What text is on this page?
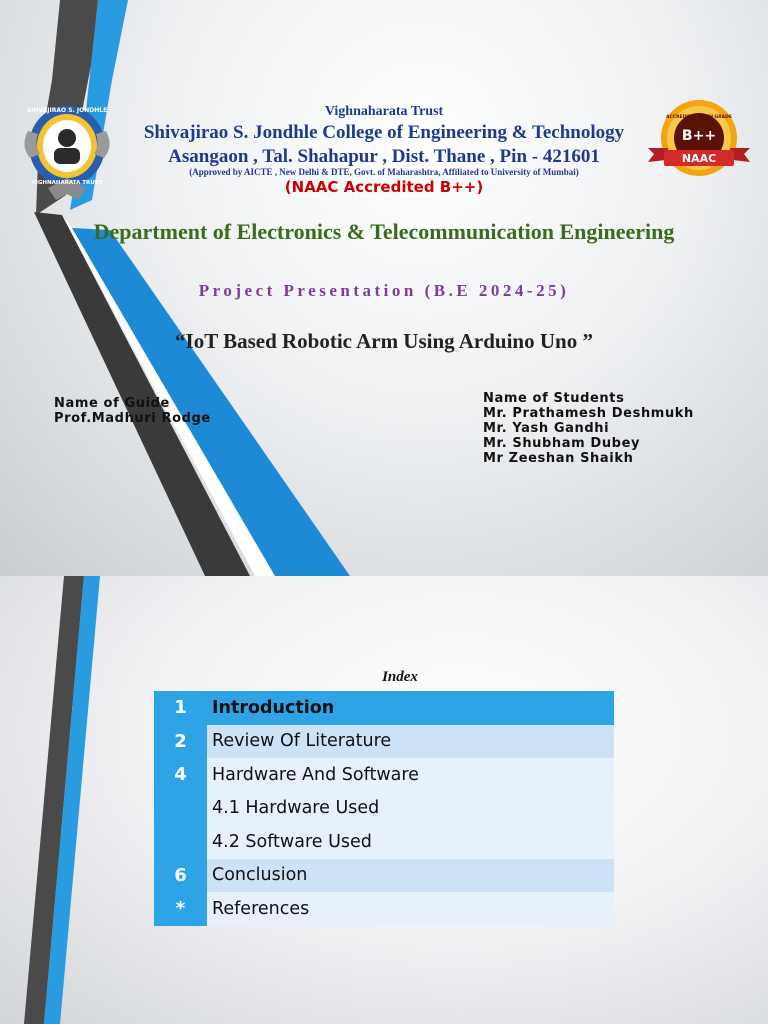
SHIVAJIRAO S. JONDHLE
VIGHNAHARATA TRUST
B++
NAAC
ACCREDITED WITH GRADE

Vighnaharata Trust

Shivajirao S. Jondhle College of Engineering & Technology

Asangaon , Tal. Shahapur , Dist. Thane , Pin - 421601

(Approved by AICTE , New Delhi & DTE, Govt. of Maharashtra, Affiliated to University of Mumbai)

(NAAC Accredited B++)

Department of Electronics & Telecommunication Engineering

Project Presentation (B.E 2024-25)

“IoT Based Robotic Arm Using Arduino Uno ”

Name of Guide
Prof.Madhuri Rodge
Name of Students
Mr. Prathamesh Deshmukh
Mr. Yash Gandhi
Mr. Shubham Dubey
Mr Zeeshan Shaikh

Index

1	Introduction
2	Review Of Literature
4	Hardware And Software
	4.1 Hardware Used
	4.2 Software Used
6	Conclusion
*	References
